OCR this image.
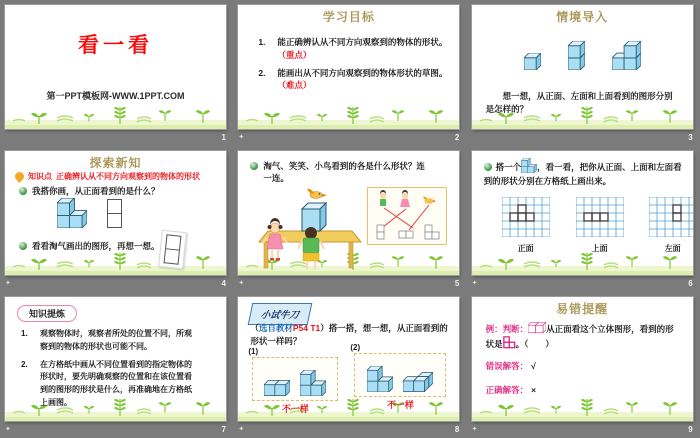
看一看
第一PPT模板网-WWW.1PPT.COM
1
学习目标
1.	能正确辨认从不同方向观察到的物体的形状。
（重点）
2.	能画出从不同方向观察到的物体形状的草图。
（难点）
✦	2
情境导入
想一想，从正面、左面和上面看到的图形分别是怎样的？
3
探索新知
知识点 正确辨认从不同方向观察到的物体的形状
我搭你画，从正面看到的是什么？
看看淘气画出的图形，再想一想。
✦	4
淘气、笑笑、小鸟看到的各是什么形状？连一连。
✦	5
搭一个 ，看一看，把你从正面、上面和左面看到的形状分别在方格纸上画出来。
正面	上面	左面
✦	6
知识提炼
1.	观察物体时，观察者所处的位置不同，所观察到的物体的形状也可能不同。
2.	在方格纸中画从不同位置看到的指定物体的形状时，要先明确观察的位置和在该位置看到的图形的形状是什么，再准确地在方格纸上画图。
✦	7
小试牛刀
（选自教材P54 T1）搭一搭，想一想，从正面看到的形状一样吗？
(1)	(2)
不一样	不一样
✦	8
易错提醒
例：判断： 从正面看这个立体图形，看到的形状是 。（　　）
错误解答： √
正确解答： ×
✦	9
